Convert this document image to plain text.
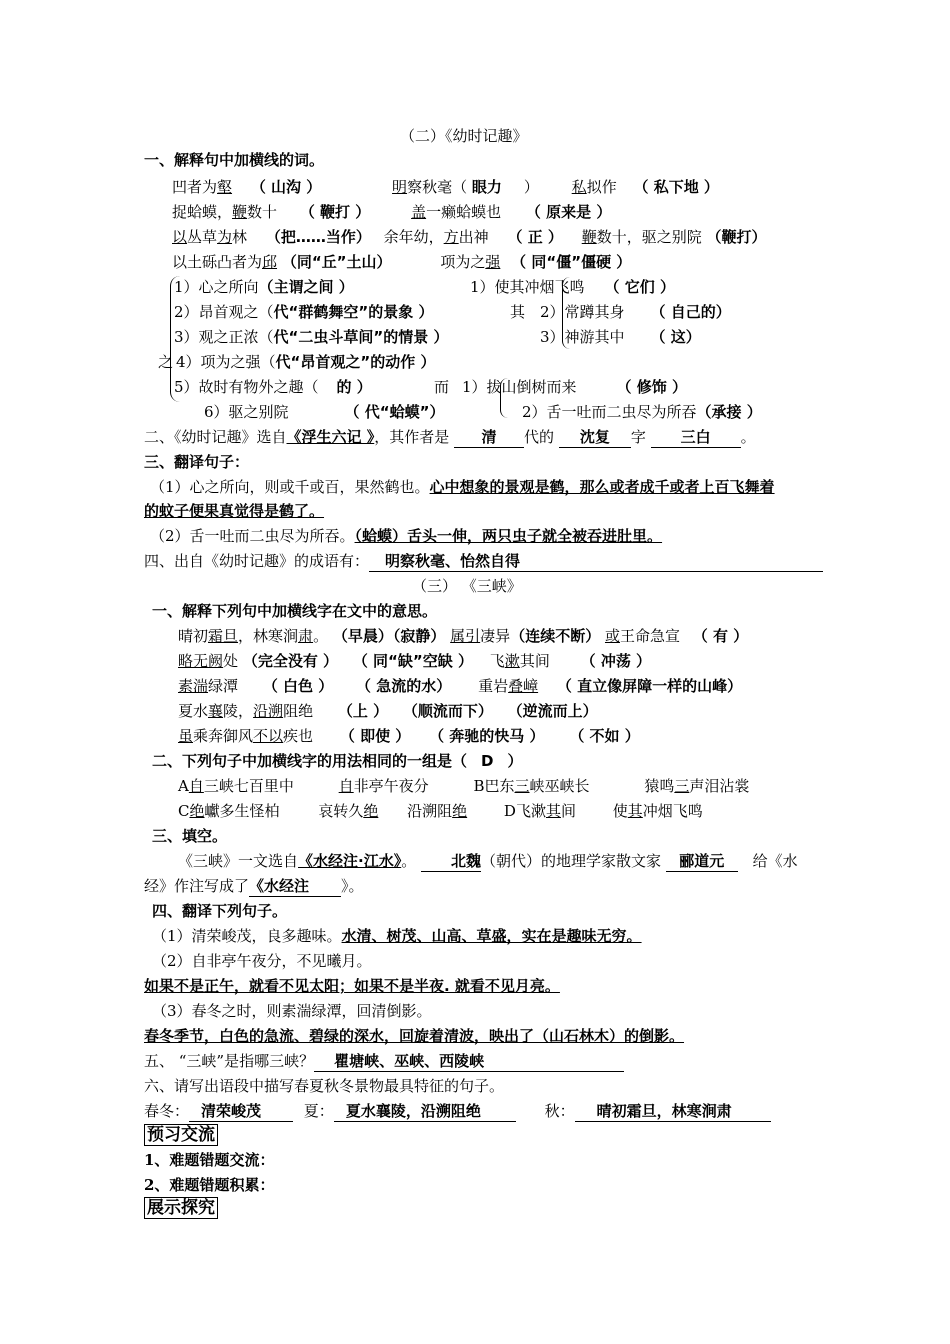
（二）《幼时记趣》
一、解释句中加横线的词。
凹者为壑 （ 山沟 ）	明察秋毫（ 眼力 ） 私拟作 （ 私下地 ）
捉蛤蟆，鞭数十 （ 鞭打 ）	盖一癞蛤蟆也 （ 原来是 ）
以丛草为林 （把……当作） 余年幼，方出神 （ 正 ） 鞭数十，驱之别院 （鞭打）
以土砾凸者为邱 （同“丘”土山）	项为之强 （ 同“僵”僵硬 ）
之
1）心之所向（主谓之间 ）
2）昂首观之（代“群鹤舞空”的景象 ）
3）观之正浓（代“二虫斗草间”的情景 ）
4）项为之强（代“昂首观之”的动作 ）
5）故时有物外之趣（ 的 ）
6）驱之别院	（ 代“蛤蟆”）
其
1）使其冲烟飞鸣 （ 它们 ）
2）常蹲其身 （ 自己的）
3）神游其中 （ 这）
而 1）拔山倒树而来	（ 修饰 ）
2）舌一吐而二虫尽为所吞（承接 ）
二、《幼时记趣》选自《浮生六记 》，其作者是 清 代的 沈复 字 三白 。
三、翻译句子：
（1）心之所向，则或千或百，果然鹤也。心中想象的景观是鹤，那么或者成千或者上百飞舞着
的蚊子便果真觉得是鹤了。
（2）舌一吐而二虫尽为所吞。（蛤蟆）舌头一伸，两只虫子就全被吞进肚里。
四、出自《幼时记趣》的成语有： 明察秋毫、怡然自得
（三） 《三峡》
一、解释下列句中加横线字在文中的意思。
晴初霜旦，林寒涧肃。 （早晨）（寂静） 属引凄异（连续不断） 或王命急宣 （ 有 ）
略无阙处 （完全没有 ） （ 同“缺”空缺 ） 飞漱其间 （ 冲荡 ）
素湍绿潭 （ 白色 ） （ 急流的水） 重岩叠嶂 （ 直立像屏障一样的山峰）
夏水襄陵，沿溯阻绝 （上 ） （顺流而下） （逆流而上）
虽乘奔御风不以疾也 （ 即使 ） （ 奔驰的快马 ） （ 不如 ）
二、下列句子中加横线字的用法相同的一组是（ D ）
A自三峡七百里中	自非亭午夜分	B巴东三峡巫峡长	猿鸣三声泪沾裳
C绝巘多生怪柏	哀转久绝 沿溯阻绝 D飞漱其间 使其冲烟飞鸣
三、填空。
《三峡》一文选自《水经注·江水》。 北魏（朝代）的地理学家散文家 郦道元 给《水
经》作注写成了《水经注 》。
四、翻译下列句子。
（1）清荣峻茂，良多趣味。水清、树茂、山高、草盛，实在是趣味无穷。
（2）自非亭午夜分，不见曦月。
如果不是正午，就看不见太阳；如果不是半夜. 就看不见月亮。
（3）春冬之时，则素湍绿潭，回清倒影。
春冬季节，白色的急流、碧绿的深水，回旋着清波，映出了（山石林木）的倒影。
五、 “三峡”是指哪三峡？ 瞿塘峡、巫峡、西陵峡
六、请写出语段中描写春夏秋冬景物最具特征的句子。
春冬： 清荣峻茂	夏： 夏水襄陵，沿溯阻绝	秋： 晴初霜旦，林寒涧肃
预习交流
1、难题错题交流：
2、难题错题积累：
展示探究
